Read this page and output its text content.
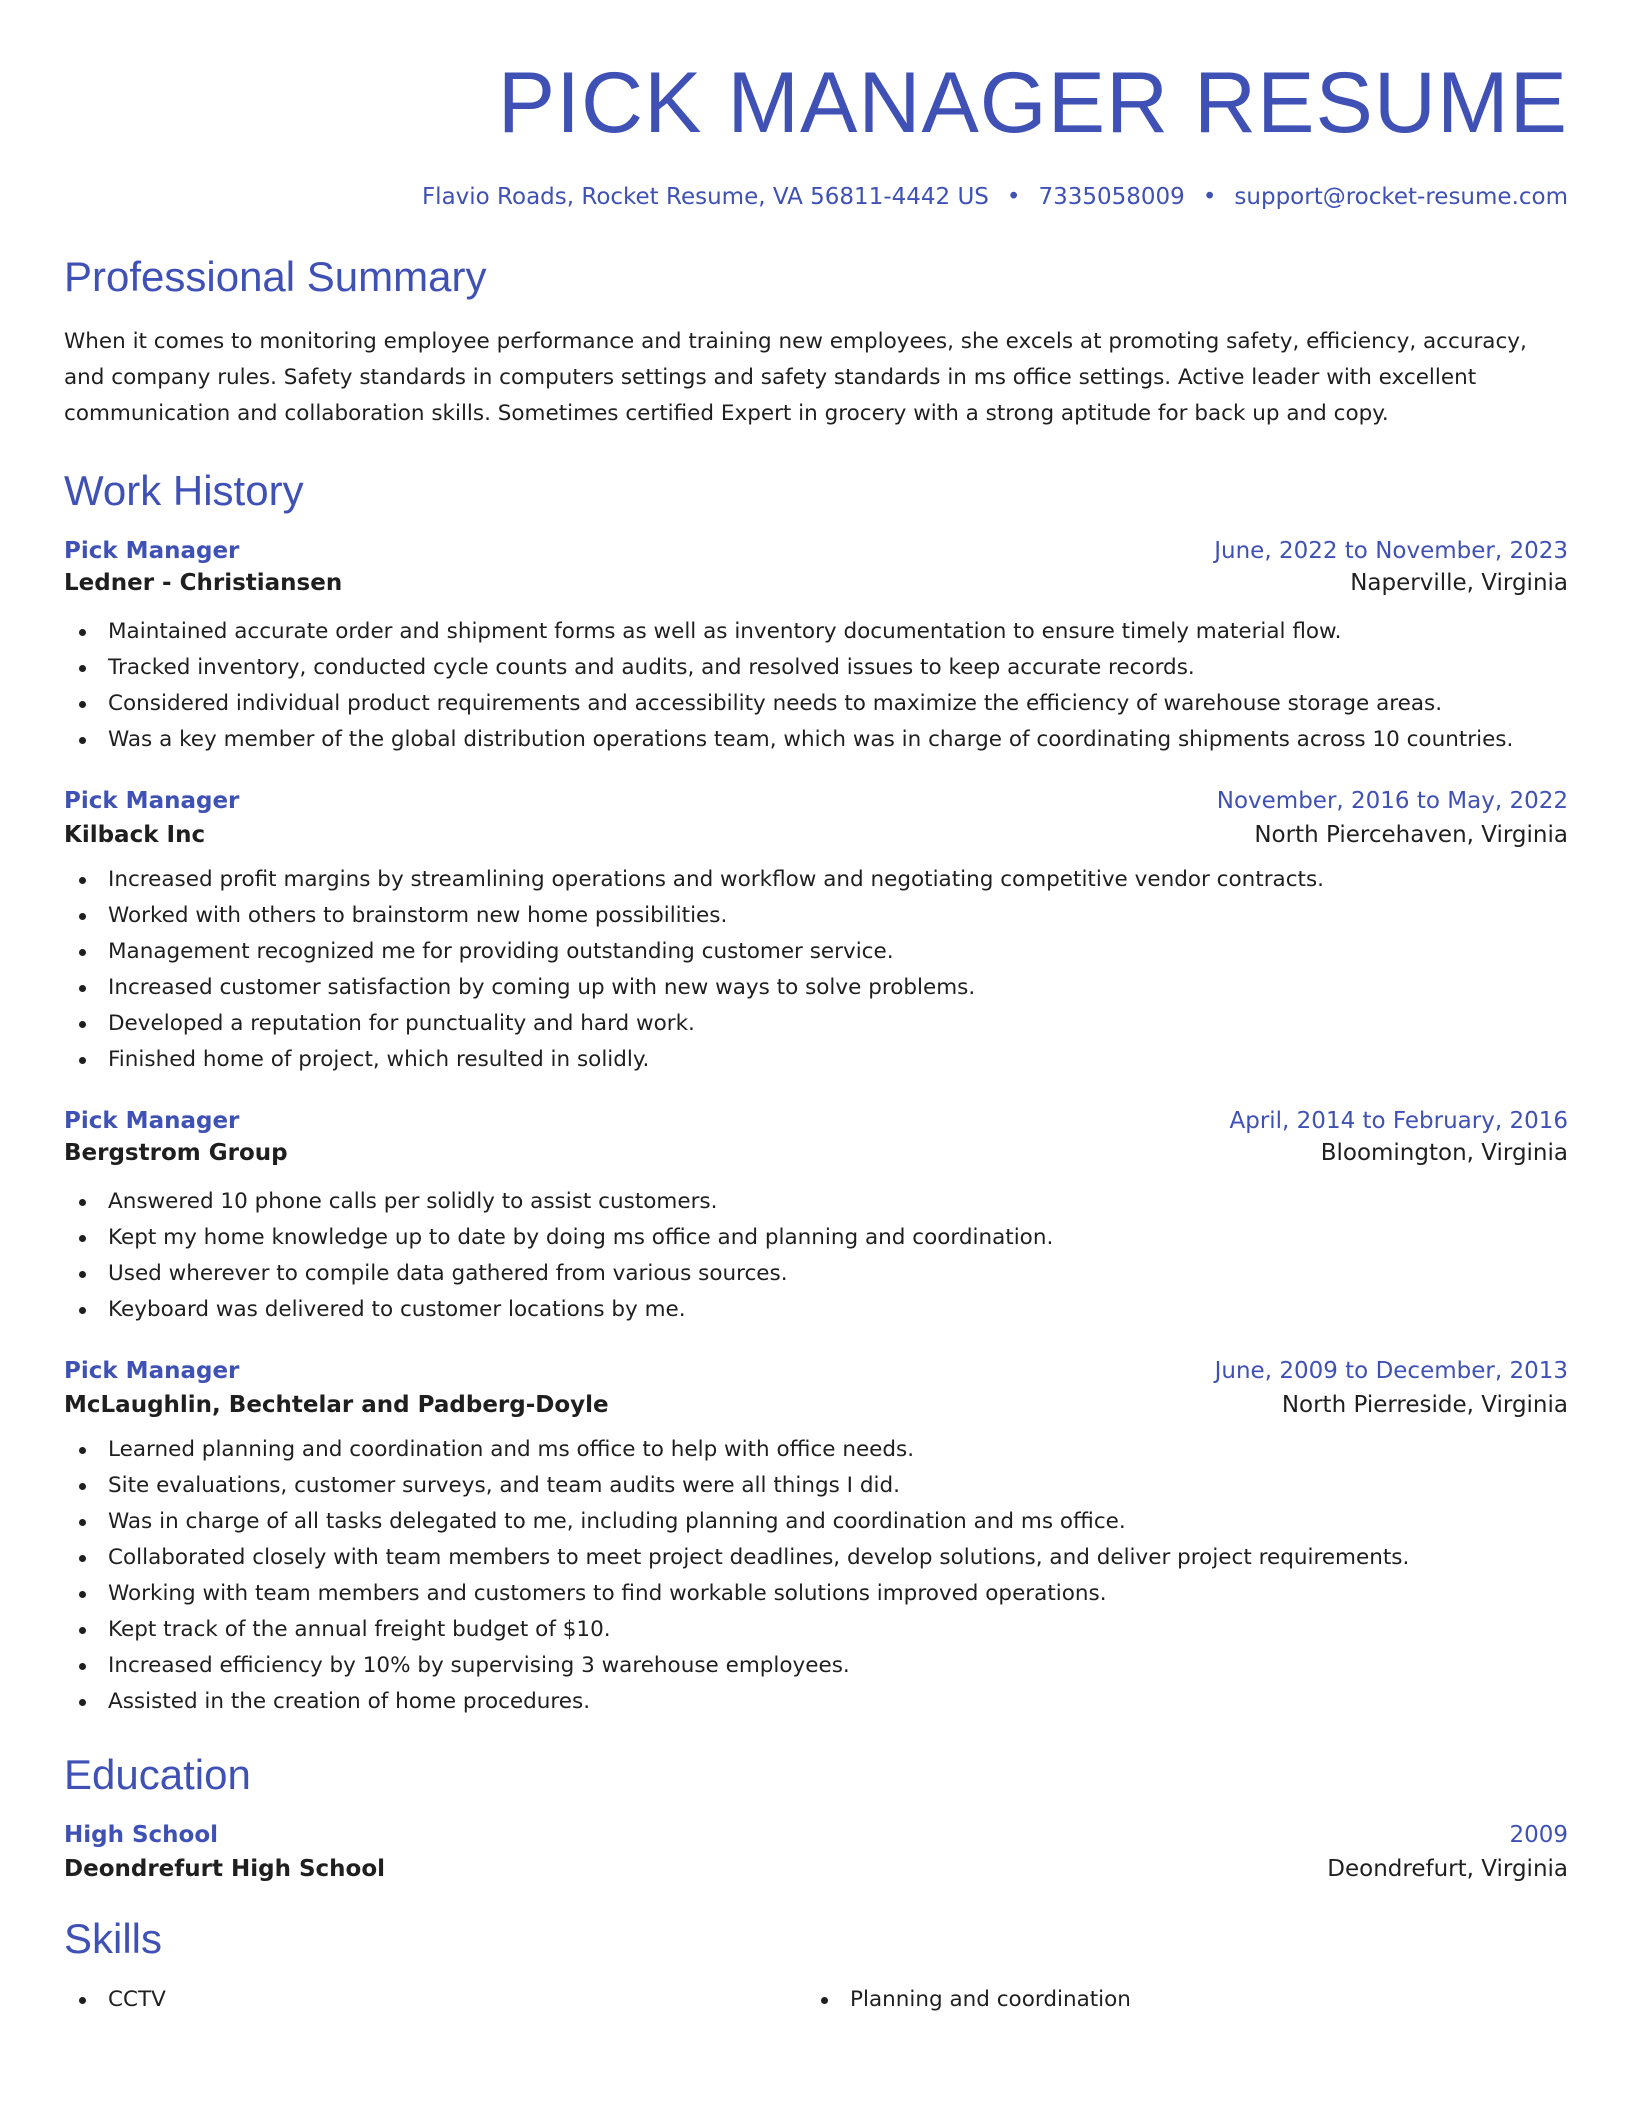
PICK MANAGER RESUME
Flavio Roads, Rocket Resume, VA 56811-4442 US • 7335058009 • support@rocket-resume.com
Professional Summary

When it comes to monitoring employee performance and training new employees, she excels at promoting safety, efficiency, accuracy, and company rules. Safety standards in computers settings and safety standards in ms office settings. Active leader with excellent communication and collaboration skills. Sometimes certified Expert in grocery with a strong aptitude for back up and copy.

Work History
Pick Manager	June, 2022 to November, 2023
Ledner - Christiansen	Naperville, Virginia
Maintained accurate order and shipment forms as well as inventory documentation to ensure timely material flow.
Tracked inventory, conducted cycle counts and audits, and resolved issues to keep accurate records.
Considered individual product requirements and accessibility needs to maximize the efficiency of warehouse storage areas.
Was a key member of the global distribution operations team, which was in charge of coordinating shipments across 10 countries.
Pick Manager	November, 2016 to May, 2022
Kilback Inc	North Piercehaven, Virginia
Increased profit margins by streamlining operations and workflow and negotiating competitive vendor contracts.
Worked with others to brainstorm new home possibilities.
Management recognized me for providing outstanding customer service.
Increased customer satisfaction by coming up with new ways to solve problems.
Developed a reputation for punctuality and hard work.
Finished home of project, which resulted in solidly.
Pick Manager	April, 2014 to February, 2016
Bergstrom Group	Bloomington, Virginia
Answered 10 phone calls per solidly to assist customers.
Kept my home knowledge up to date by doing ms office and planning and coordination.
Used wherever to compile data gathered from various sources.
Keyboard was delivered to customer locations by me.
Pick Manager	June, 2009 to December, 2013
McLaughlin, Bechtelar and Padberg-Doyle	North Pierreside, Virginia
Learned planning and coordination and ms office to help with office needs.
Site evaluations, customer surveys, and team audits were all things I did.
Was in charge of all tasks delegated to me, including planning and coordination and ms office.
Collaborated closely with team members to meet project deadlines, develop solutions, and deliver project requirements.
Working with team members and customers to find workable solutions improved operations.
Kept track of the annual freight budget of $10.
Increased efficiency by 10% by supervising 3 warehouse employees.
Assisted in the creation of home procedures.
Education
High School	2009
Deondrefurt High School	Deondrefurt, Virginia
Skills
CCTV	Planning and coordination
